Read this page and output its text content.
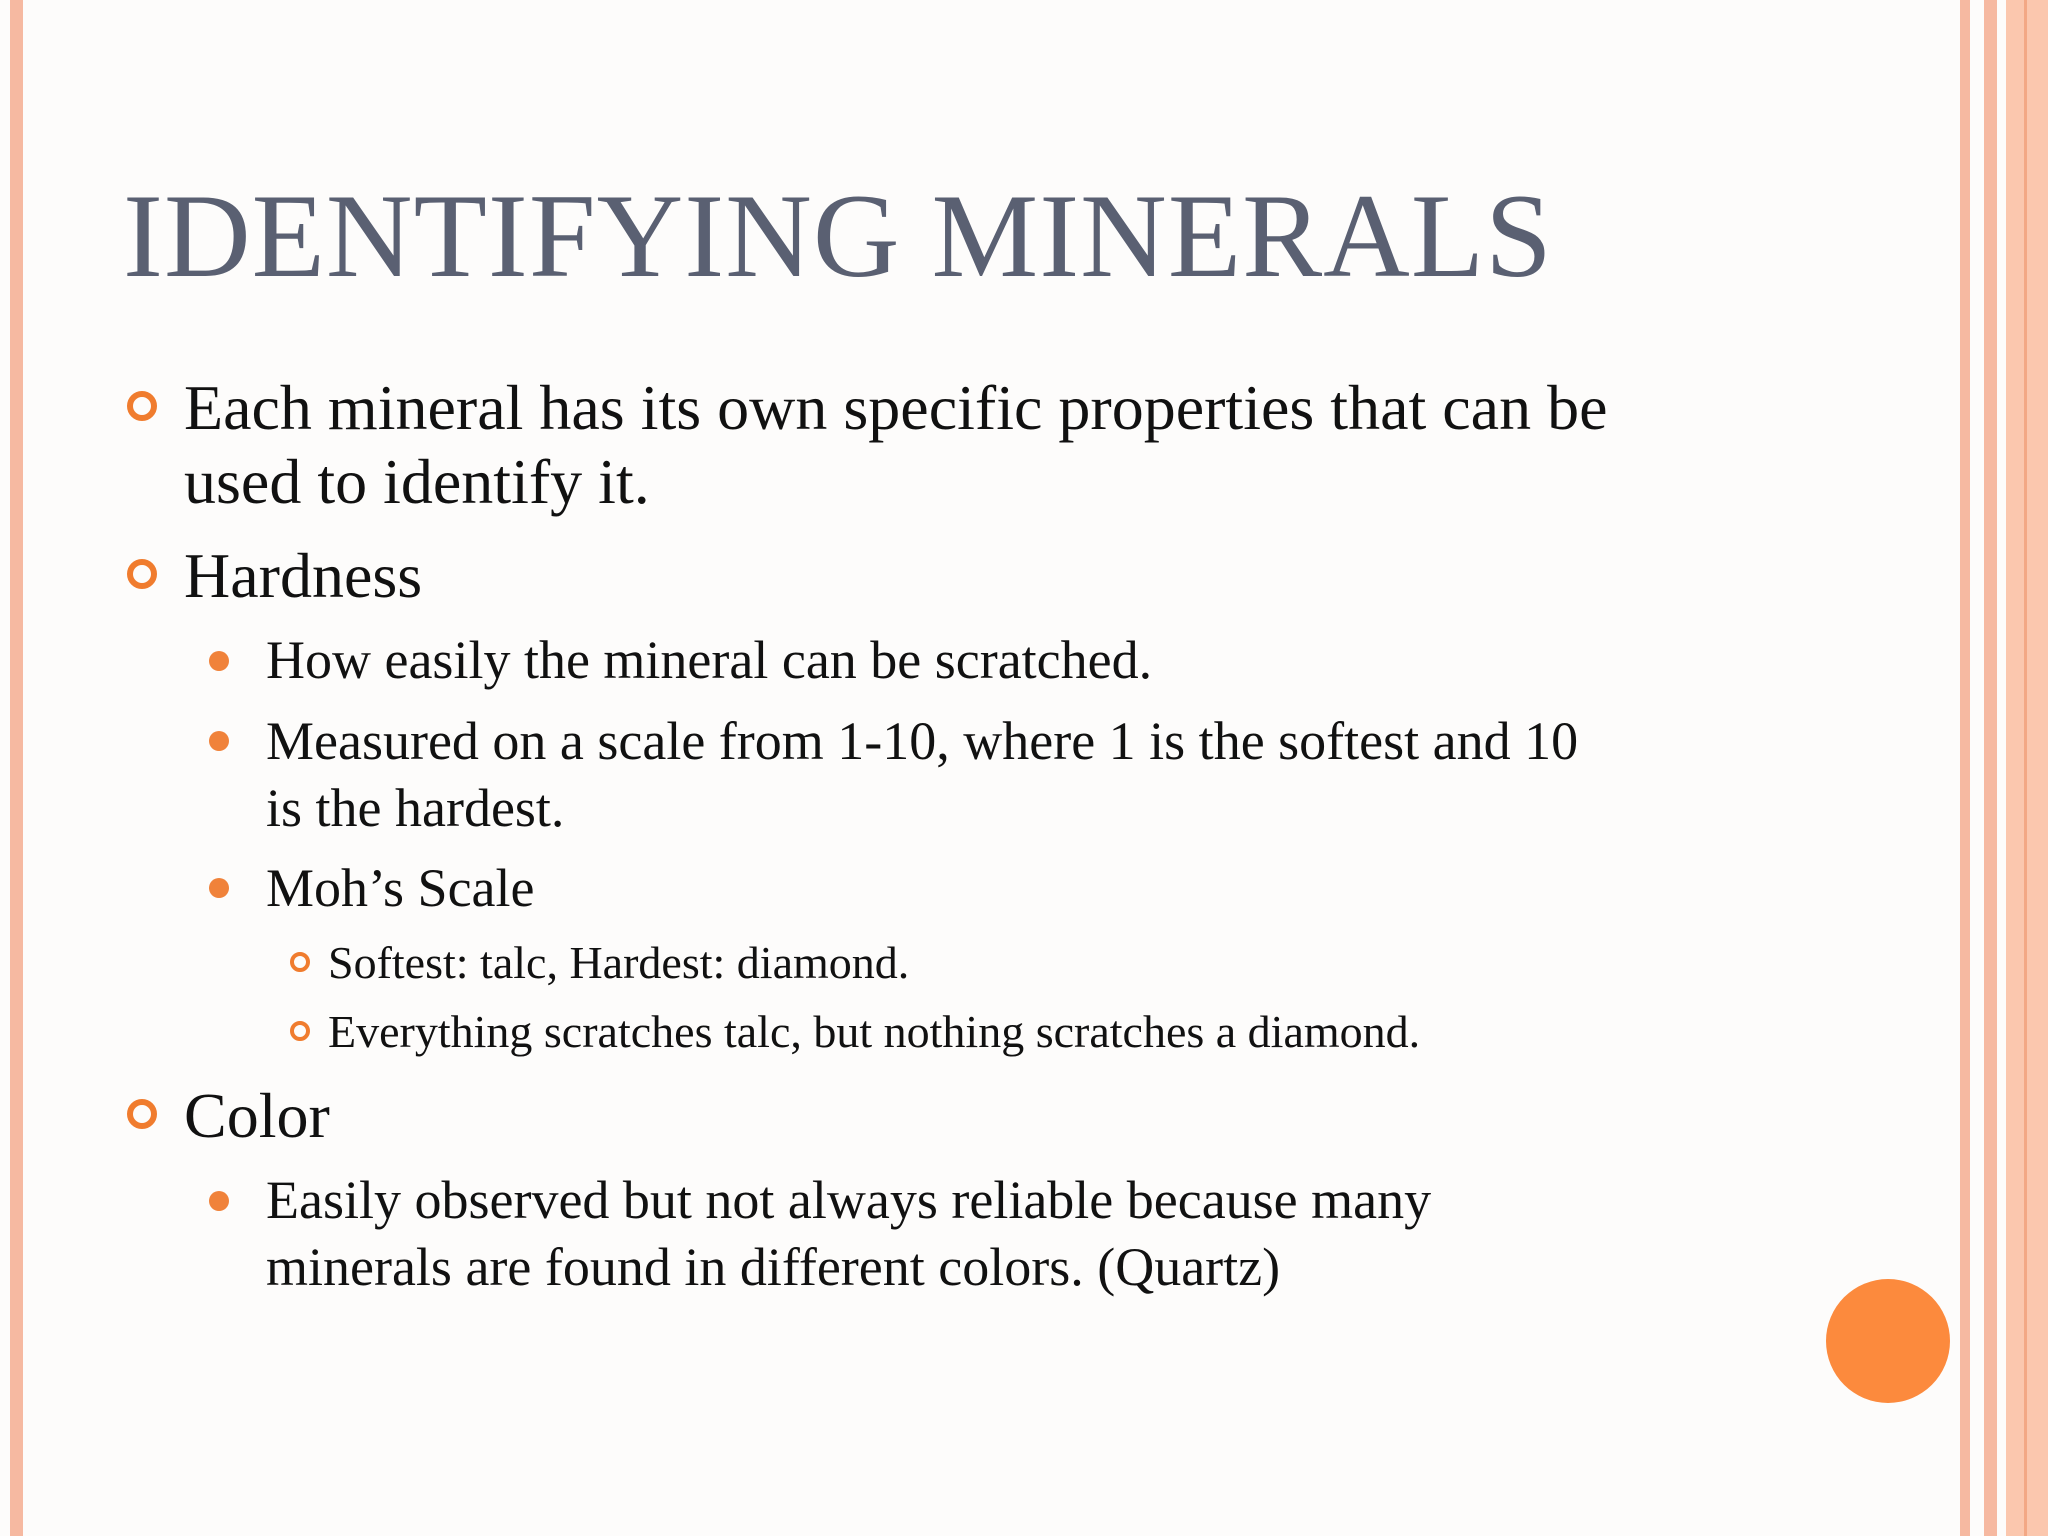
IDENTIFYING MINERALS
Each mineral has its own specific properties that can be
used to identify it.
Hardness
How easily the mineral can be scratched.
Measured on a scale from 1-10, where 1 is the softest and 10
is the hardest.
Moh’s Scale
Softest: talc, Hardest: diamond.
Everything scratches talc, but nothing scratches a diamond.
Color
Easily observed but not always reliable because many
minerals are found in different colors. (Quartz)
